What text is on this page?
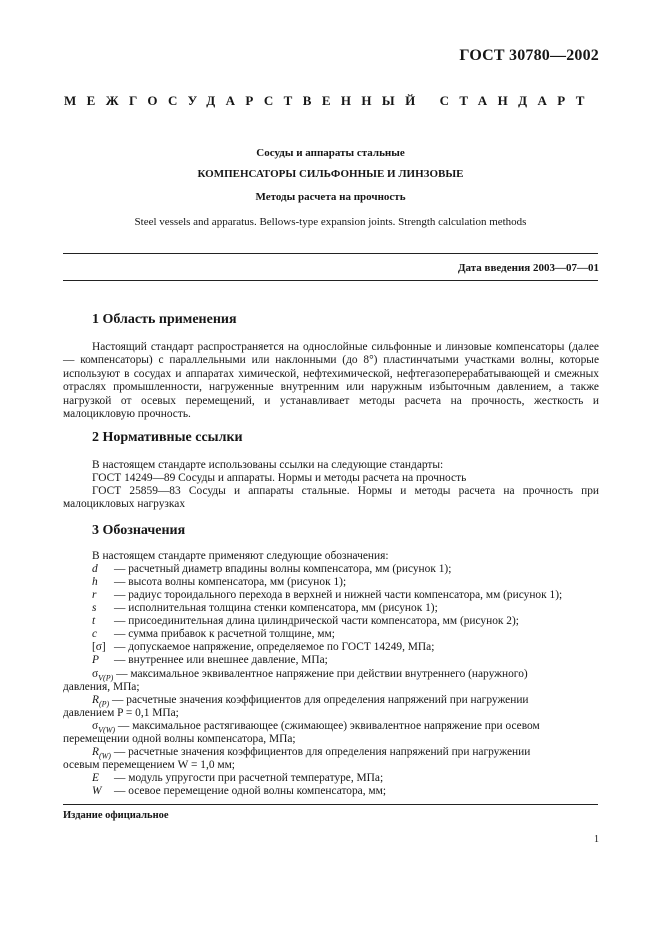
ГОСТ 30780—2002
МЕЖГОСУДАРСТВЕННЫЙ СТАНДАРТ
Сосуды и аппараты стальные
КОМПЕНСАТОРЫ СИЛЬФОННЫЕ И ЛИНЗОВЫЕ
Методы расчета на прочность
Steel vessels and apparatus. Bellows-type expansion joints. Strength calculation methods
Дата введения 2003—07—01
1 Область применения

Настоящий стандарт распространяется на однослойные сильфонные и линзовые компенсаторы (далее — компенсаторы) с параллельными или наклонными (до 8°) пластинчатыми участками волны, которые используют в сосудах и аппаратах химической, нефтехимической, нефтегазоперерабатывающей и смежных отраслях промышленности, нагруженные внутренним или наружным избыточным давлением, а также нагрузкой от осевых перемещений, и устанавливает методы расчета на прочность, жесткость и малоцикловую прочность.

2 Нормативные ссылки
В настоящем стандарте использованы ссылки на следующие стандарты:
ГОСТ 14249—89 Сосуды и аппараты. Нормы и методы расчета на прочность
ГОСТ 25859—83 Сосуды и аппараты стальные. Нормы и методы расчета на прочность при
малоцикловых нагрузках
3 Обозначения
В настоящем стандарте применяют следующие обозначения:
d — расчетный диаметр впадины волны компенсатора, мм (рисунок 1);
h — высота волны компенсатора, мм (рисунок 1);
r — радиус тороидального перехода в верхней и нижней части компенсатора, мм (рисунок 1);
s — исполнительная толщина стенки компенсатора, мм (рисунок 1);
t — присоединительная длина цилиндрической части компенсатора, мм (рисунок 2);
c — сумма прибавок к расчетной толщине, мм;
[σ] — допускаемое напряжение, определяемое по ГОСТ 14249, МПа;
P — внутреннее или внешнее давление, МПа;
$\sigma_{V(P)}$ — максимальное эквивалентное напряжение при действии внутреннего (наружного)
давления, МПа;
$R_{(P)}$ — расчетные значения коэффициентов для определения напряжений при нагружении
давлением P = 0,1 МПа;
$\sigma_{V(W)}$ — максимальное растягивающее (сжимающее) эквивалентное напряжение при осевом
перемещении одной волны компенсатора, МПа;
$R_{(W)}$ — расчетные значения коэффициентов для определения напряжений при нагружении
осевым перемещением W = 1,0 мм;
E — модуль упругости при расчетной температуре, МПа;
W — осевое перемещение одной волны компенсатора, мм;
Издание официальное
1
